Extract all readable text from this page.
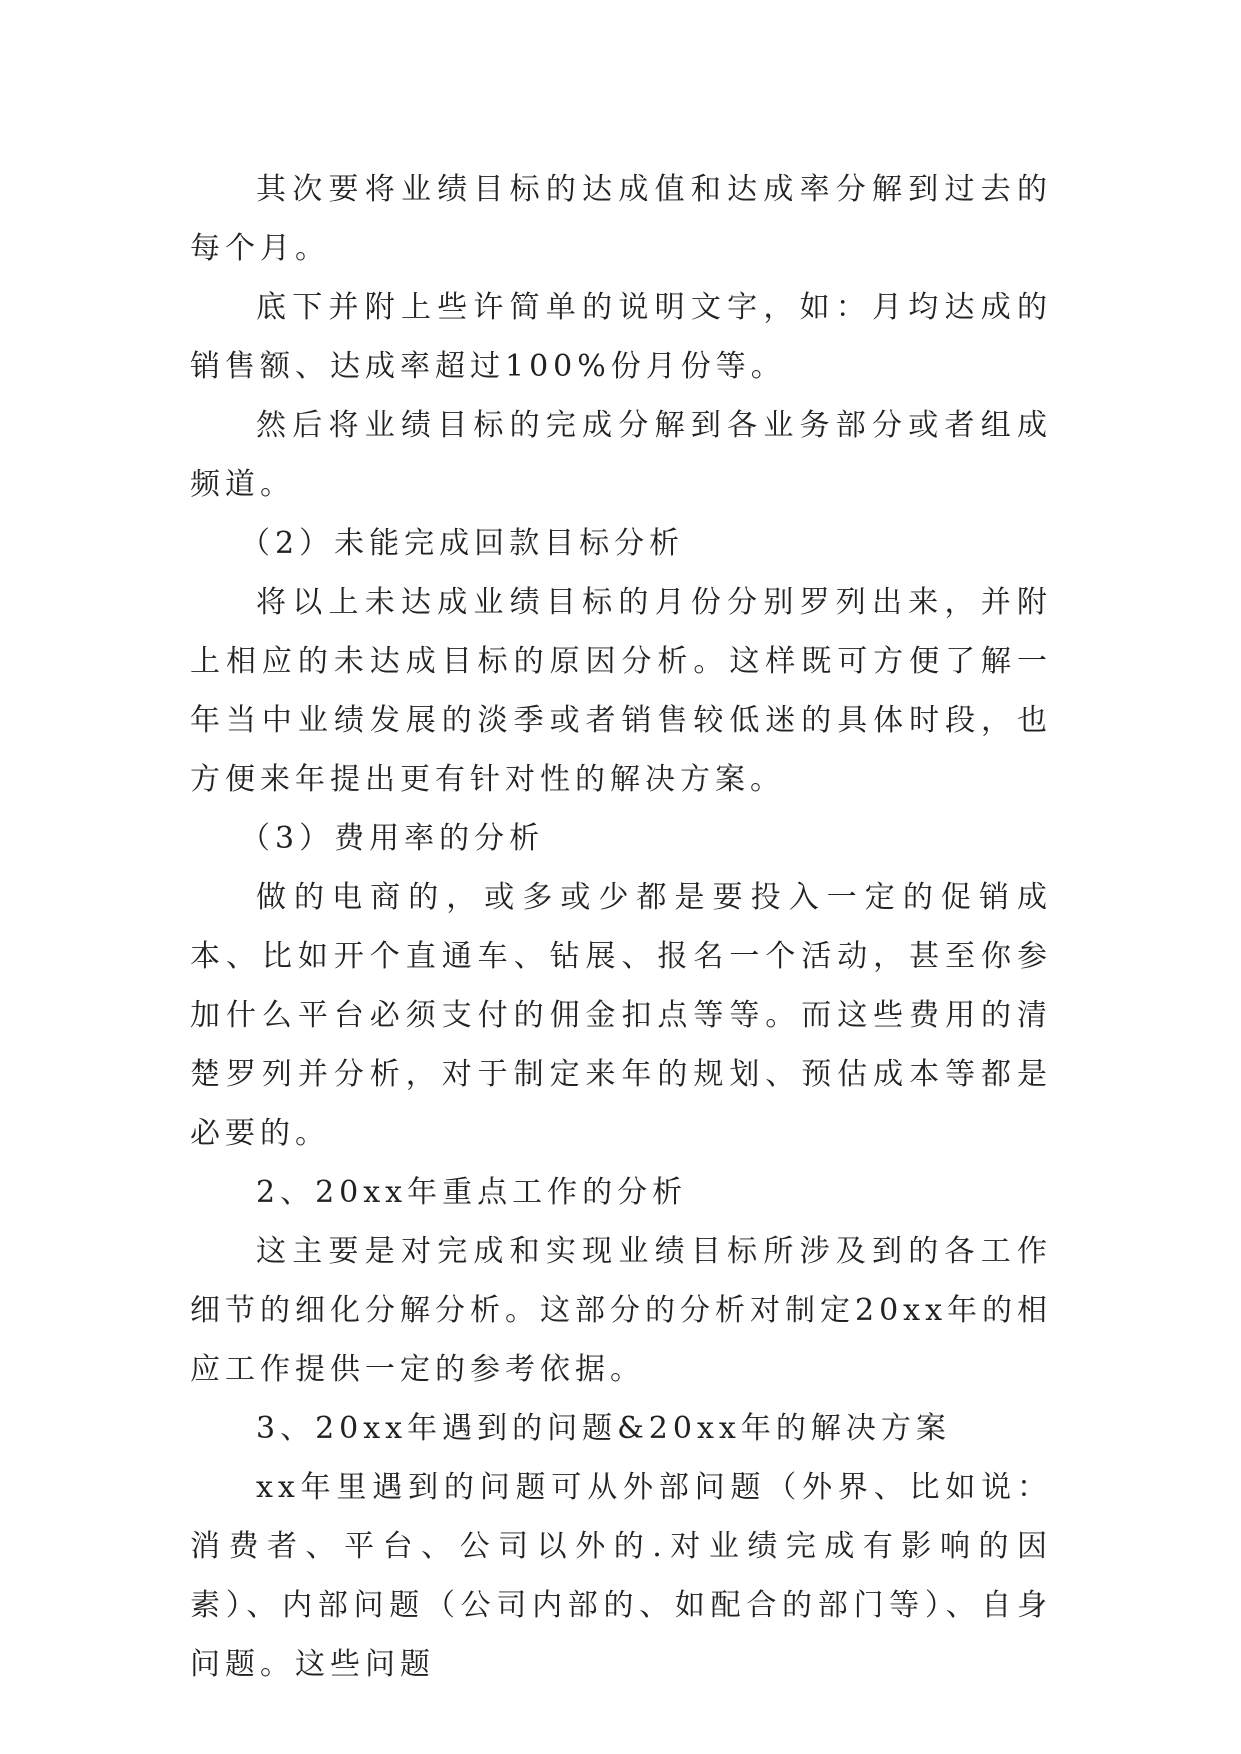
其次要将业绩目标的达成值和达成率分解到过去的每个月。

底下并附上些许简单的说明文字，如：月均达成的销售额、达成率超过100%份月份等。

然后将业绩目标的完成分解到各业务部分或者组成频道。

（2）未能完成回款目标分析

将以上未达成业绩目标的月份分别罗列出来，并附上相应的未达成目标的原因分析。这样既可方便了解一年当中业绩发展的淡季或者销售较低迷的具体时段，也方便来年提出更有针对性的解决方案。

（3）费用率的分析

做的电商的，或多或少都是要投入一定的促销成本、比如开个直通车、钻展、报名一个活动，甚至你参加什么平台必须支付的佣金扣点等等。而这些费用的清楚罗列并分析，对于制定来年的规划、预估成本等都是必要的。

2、20xx年重点工作的分析

这主要是对完成和实现业绩目标所涉及到的各工作细节的细化分解分析。这部分的分析对制定20xx年的相应工作提供一定的参考依据。

3、20xx年遇到的问题&20xx年的解决方案

xx年里遇到的问题可从外部问题（外界、比如说：消费者、平台、公司以外的.对业绩完成有影响的因素）、内部问题（公司内部的、如配合的部门等）、自身问题。这些问题
